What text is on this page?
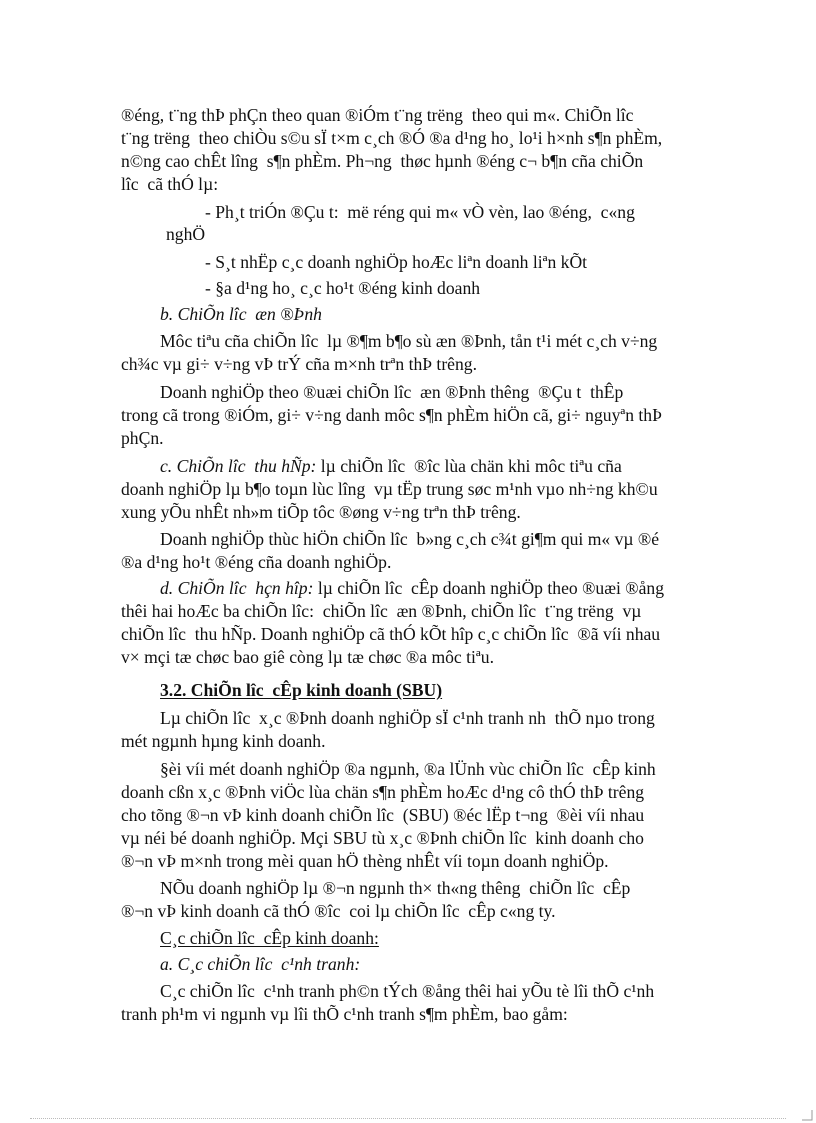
®éng, t¨ng thÞ phÇn theo quan ®iÓm t¨ng trëng  theo qui m«. ChiÕn lîc
t¨ng trëng  theo chiÒu s©u sÏ t×m c¸ch ®Ó ®a d¹ng ho¸ lo¹i h×nh s¶n phÈm,
n©ng cao chÊt lîng  s¶n phÈm. Ph¬ng  thøc hµnh ®éng c¬ b¶n cña chiÕn
lîc  cã thÓ lµ:
- Ph¸t triÓn ®Çu t:  më réng qui m« vÒ vèn, lao ®éng,  c«ng
nghÖ
- S¸t nhËp c¸c doanh nghiÖp hoÆc liªn doanh liªn kÕt
- §a d¹ng ho¸ c¸c ho¹t ®éng kinh doanh
b. ChiÕn lîc  æn ®Þnh
Môc tiªu cña chiÕn lîc  lµ ®¶m b¶o sù æn ®Þnh, tån t¹i mét c¸ch v÷ng
ch¾c vµ gi÷ v÷ng vÞ trÝ cña m×nh trªn thÞ trêng.
Doanh nghiÖp theo ®uæi chiÕn lîc  æn ®Þnh thêng  ®Çu t  thÊp
trong cã trong ®iÓm, gi÷ v÷ng danh môc s¶n phÈm hiÖn cã, gi÷ nguyªn thÞ
phÇn.
c. ChiÕn lîc  thu hÑp: lµ chiÕn lîc  ®îc lùa chän khi môc tiªu cña
doanh nghiÖp lµ b¶o toµn lùc lîng  vµ tËp trung søc m¹nh vµo nh÷ng kh©u
xung yÕu nhÊt nh»m tiÕp tôc ®øng v÷ng trªn thÞ trêng.
Doanh nghiÖp thùc hiÖn chiÕn lîc  b»ng c¸ch c¾t gi¶m qui m« vµ ®é
®a d¹ng ho¹t ®éng cña doanh nghiÖp.
d. ChiÕn lîc  hçn hîp: lµ chiÕn lîc  cÊp doanh nghiÖp theo ®uæi ®ång
thêi hai hoÆc ba chiÕn lîc:  chiÕn lîc  æn ®Þnh, chiÕn lîc  t¨ng trëng  vµ
chiÕn lîc  thu hÑp. Doanh nghiÖp cã thÓ kÕt hîp c¸c chiÕn lîc  ®ã víi nhau
v× mçi tæ chøc bao giê còng lµ tæ chøc ®a môc tiªu.
3.2. ChiÕn lîc  cÊp kinh doanh (SBU)
Lµ chiÕn lîc  x¸c ®Þnh doanh nghiÖp sÏ c¹nh tranh nh  thÕ nµo trong
mét ngµnh hµng kinh doanh.
§èi víi mét doanh nghiÖp ®a ngµnh, ®a lÜnh vùc chiÕn lîc  cÊp kinh
doanh cßn x¸c ®Þnh viÖc lùa chän s¶n phÈm hoÆc d¹ng cô thÓ thÞ trêng
cho tõng ®¬n vÞ kinh doanh chiÕn lîc  (SBU) ®éc lËp t¬ng  ®èi víi nhau
vµ néi bé doanh nghiÖp. Mçi SBU tù x¸c ®Þnh chiÕn lîc  kinh doanh cho
®¬n vÞ m×nh trong mèi quan hÖ thèng nhÊt víi toµn doanh nghiÖp.
NÕu doanh nghiÖp lµ ®¬n ngµnh th× th«ng thêng  chiÕn lîc  cÊp
®¬n vÞ kinh doanh cã thÓ ®îc  coi lµ chiÕn lîc  cÊp c«ng ty.
C¸c chiÕn lîc  cÊp kinh doanh:
a. C¸c chiÕn lîc  c¹nh tranh:
C¸c chiÕn lîc  c¹nh tranh ph©n tÝch ®ång thêi hai yÕu tè lîi thÕ c¹nh
tranh ph¹m vi ngµnh vµ lîi thÕ c¹nh tranh s¶m phÈm, bao gåm:
